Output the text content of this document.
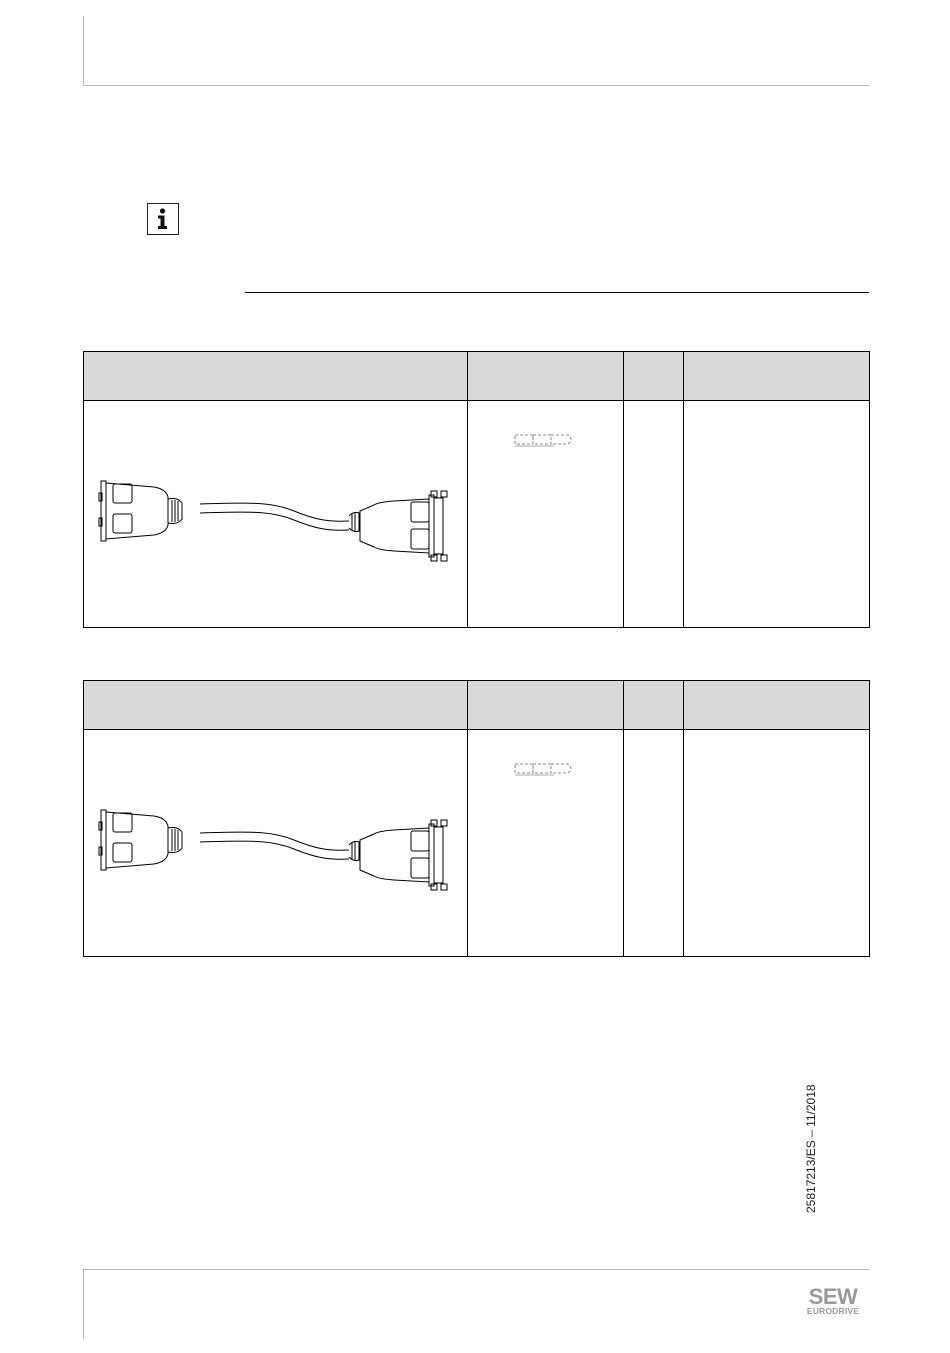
25817213/ES – 11/2018
SEW
EURODRIVE
